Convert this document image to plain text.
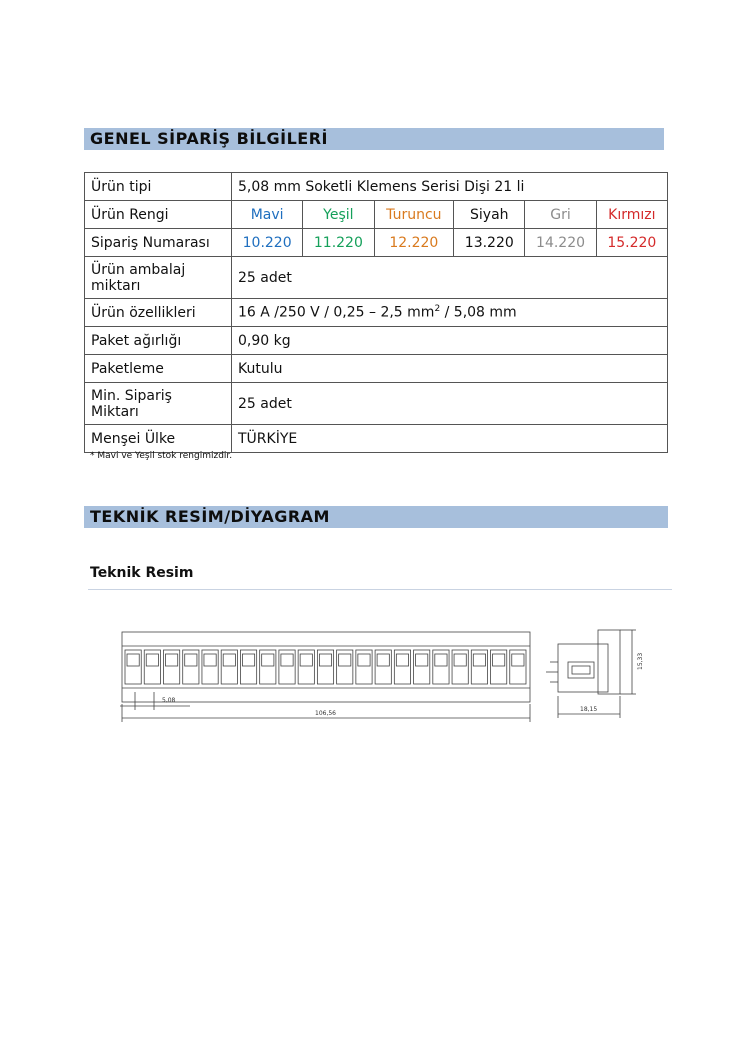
GENEL SİPARİŞ BİLGİLERİ
Ürün tipi	5,08 mm Soketli Klemens Serisi Dişi 21 li					
Ürün Rengi	Mavi	Yeşil	Turuncu	Siyah	Gri	Kırmızı
Sipariş Numarası	10.220	11.220	12.220	13.220	14.220	15.220
Ürün ambalaj
miktarı	25 adet					
Ürün özellikleri	16 A /250 V / 0,25 – 2,5 $mm^2 / 5,08$ mm					
Paket ağırlığı	0,90 kg					
Paketleme	Kutulu					
Min. Sipariş
Miktarı	25 adet					
Menşei Ülke	TÜRKİYE					
* Mavi ve Yeşil stok rengimizdir.
TEKNİK RESİM/DİYAGRAM
Teknik Resim
5,08
106,56
18,15
15,33
